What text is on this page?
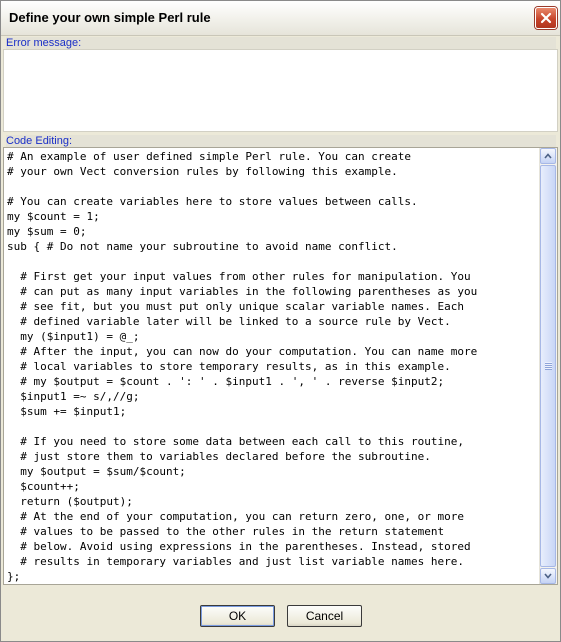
Define your own simple Perl rule
Error message:
Code Editing:
# An example of user defined simple Perl rule. You can create
# your own Vect conversion rules by following this example.

# You can create variables here to store values between calls.
my $count = 1;
my $sum = 0;
sub { # Do not name your subroutine to avoid name conflict.

# First get your input values from other rules for manipulation. You
# can put as many input variables in the following parentheses as you
# see fit, but you must put only unique scalar variable names. Each
# defined variable later will be linked to a source rule by Vect.
my ($input1) = @_;
# After the input, you can now do your computation. You can name more
# local variables to store temporary results, as in this example.
# my $output = $count . ': ' . $input1 . ', ' . reverse $input2;
$input1 =~ s/,//g;
$sum += $input1;

# If you need to store some data between each call to this routine,
# just store them to variables declared before the subroutine.
my $output = $sum/$count;
$count++;
return ($output);
# At the end of your computation, you can return zero, one, or more
# values to be passed to the other rules in the return statement
# below. Avoid using expressions in the parentheses. Instead, stored
# results in temporary variables and just list variable names here.
};
OK	Cancel
